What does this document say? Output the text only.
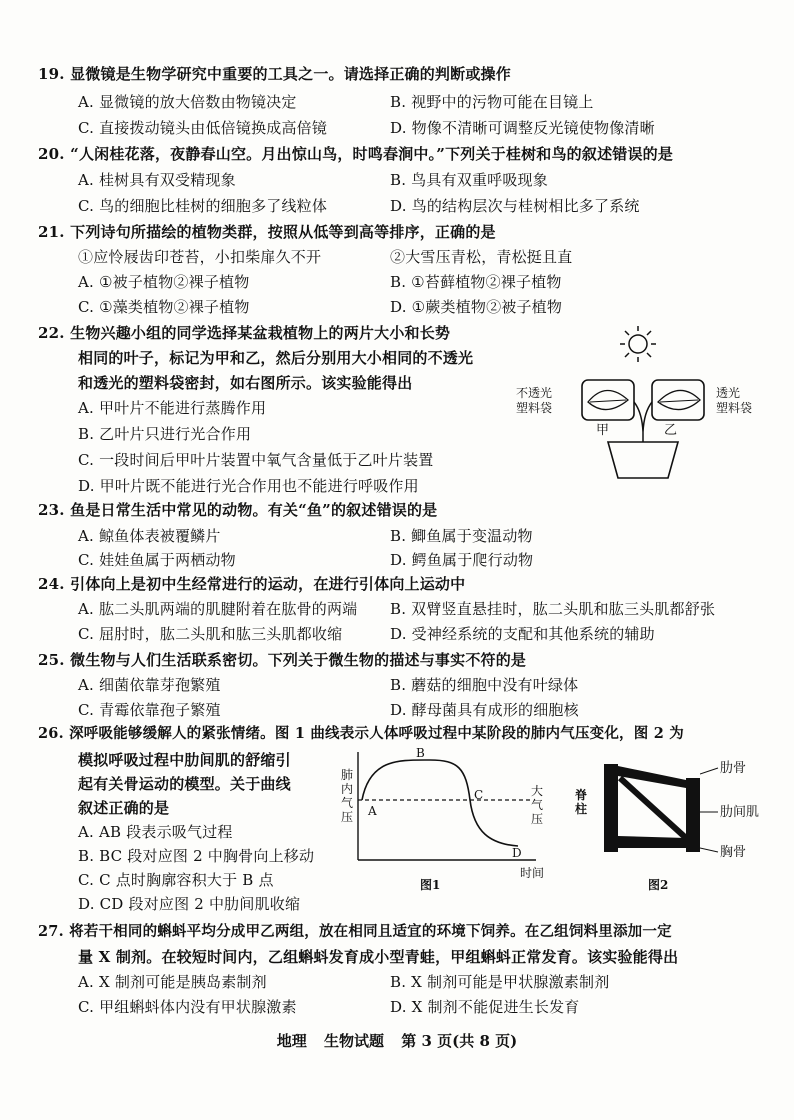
19. 显微镜是生物学研究中重要的工具之一。请选择正确的判断或操作
A. 显微镜的放大倍数由物镜决定	B. 视野中的污物可能在目镜上
C. 直接拨动镜头由低倍镜换成高倍镜	D. 物像不清晰可调整反光镜使物像清晰
20. “人闲桂花落，夜静春山空。月出惊山鸟，时鸣春涧中。”下列关于桂树和鸟的叙述错误的是
A. 桂树具有双受精现象	B. 鸟具有双重呼吸现象
C. 鸟的细胞比桂树的细胞多了线粒体	D. 鸟的结构层次与桂树相比多了系统
21. 下列诗句所描绘的植物类群，按照从低等到高等排序，正确的是
①应怜屐齿印苍苔，小扣柴扉久不开	②大雪压青松，青松挺且直
A. ①被子植物②裸子植物	B. ①苔藓植物②裸子植物
C. ①藻类植物②裸子植物	D. ①蕨类植物②被子植物
22. 生物兴趣小组的同学选择某盆栽植物上的两片大小和长势
相同的叶子，标记为甲和乙，然后分别用大小相同的不透光
和透光的塑料袋密封，如右图所示。该实验能得出
A. 甲叶片不能进行蒸腾作用
B. 乙叶片只进行光合作用
C. 一段时间后甲叶片装置中氧气含量低于乙叶片装置
D. 甲叶片既不能进行光合作用也不能进行呼吸作用
不透光
塑料袋
透光
塑料袋
甲	乙
23. 鱼是日常生活中常见的动物。有关“鱼”的叙述错误的是
A. 鲸鱼体表被覆鳞片	B. 鲫鱼属于变温动物
C. 娃娃鱼属于两栖动物	D. 鳄鱼属于爬行动物
24. 引体向上是初中生经常进行的运动，在进行引体向上运动中
A. 肱二头肌两端的肌腱附着在肱骨的两端 B. 双臂竖直悬挂时，肱二头肌和肱三头肌都舒张
C. 屈肘时，肱二头肌和肱三头肌都收缩	D. 受神经系统的支配和其他系统的辅助
25. 微生物与人们生活联系密切。下列关于微生物的描述与事实不符的是
A. 细菌依靠芽孢繁殖	B. 蘑菇的细胞中没有叶绿体
C. 青霉依靠孢子繁殖	D. 酵母菌具有成形的细胞核
26. 深呼吸能够缓解人的紧张情绪。图 1 曲线表示人体呼吸过程中某阶段的肺内气压变化，图 2 为
模拟呼吸过程中肋间肌的舒缩引
起有关骨运动的模型。关于曲线
叙述正确的是
A. AB 段表示吸气过程
B. BC 段对应图 2 中胸骨向上移动
C. C 点时胸廓容积大于 B 点
D. CD 段对应图 2 中肋间肌收缩
肺
内
气
压 A
B
C
D
大
气
压
时间
图1
脊
柱
肋骨
肋间肌
胸骨
图2
27. 将若干相同的蝌蚪平均分成甲乙两组，放在相同且适宜的环境下饲养。在乙组饲料里添加一定
量 X 制剂。在较短时间内，乙组蝌蚪发育成小型青蛙，甲组蝌蚪正常发育。该实验能得出
A. X 制剂可能是胰岛素制剂	B. X 制剂可能是甲状腺激素制剂
C. 甲组蝌蚪体内没有甲状腺激素	D. X 制剂不能促进生长发育
地理 生物试题 第 3 页(共 8 页)
